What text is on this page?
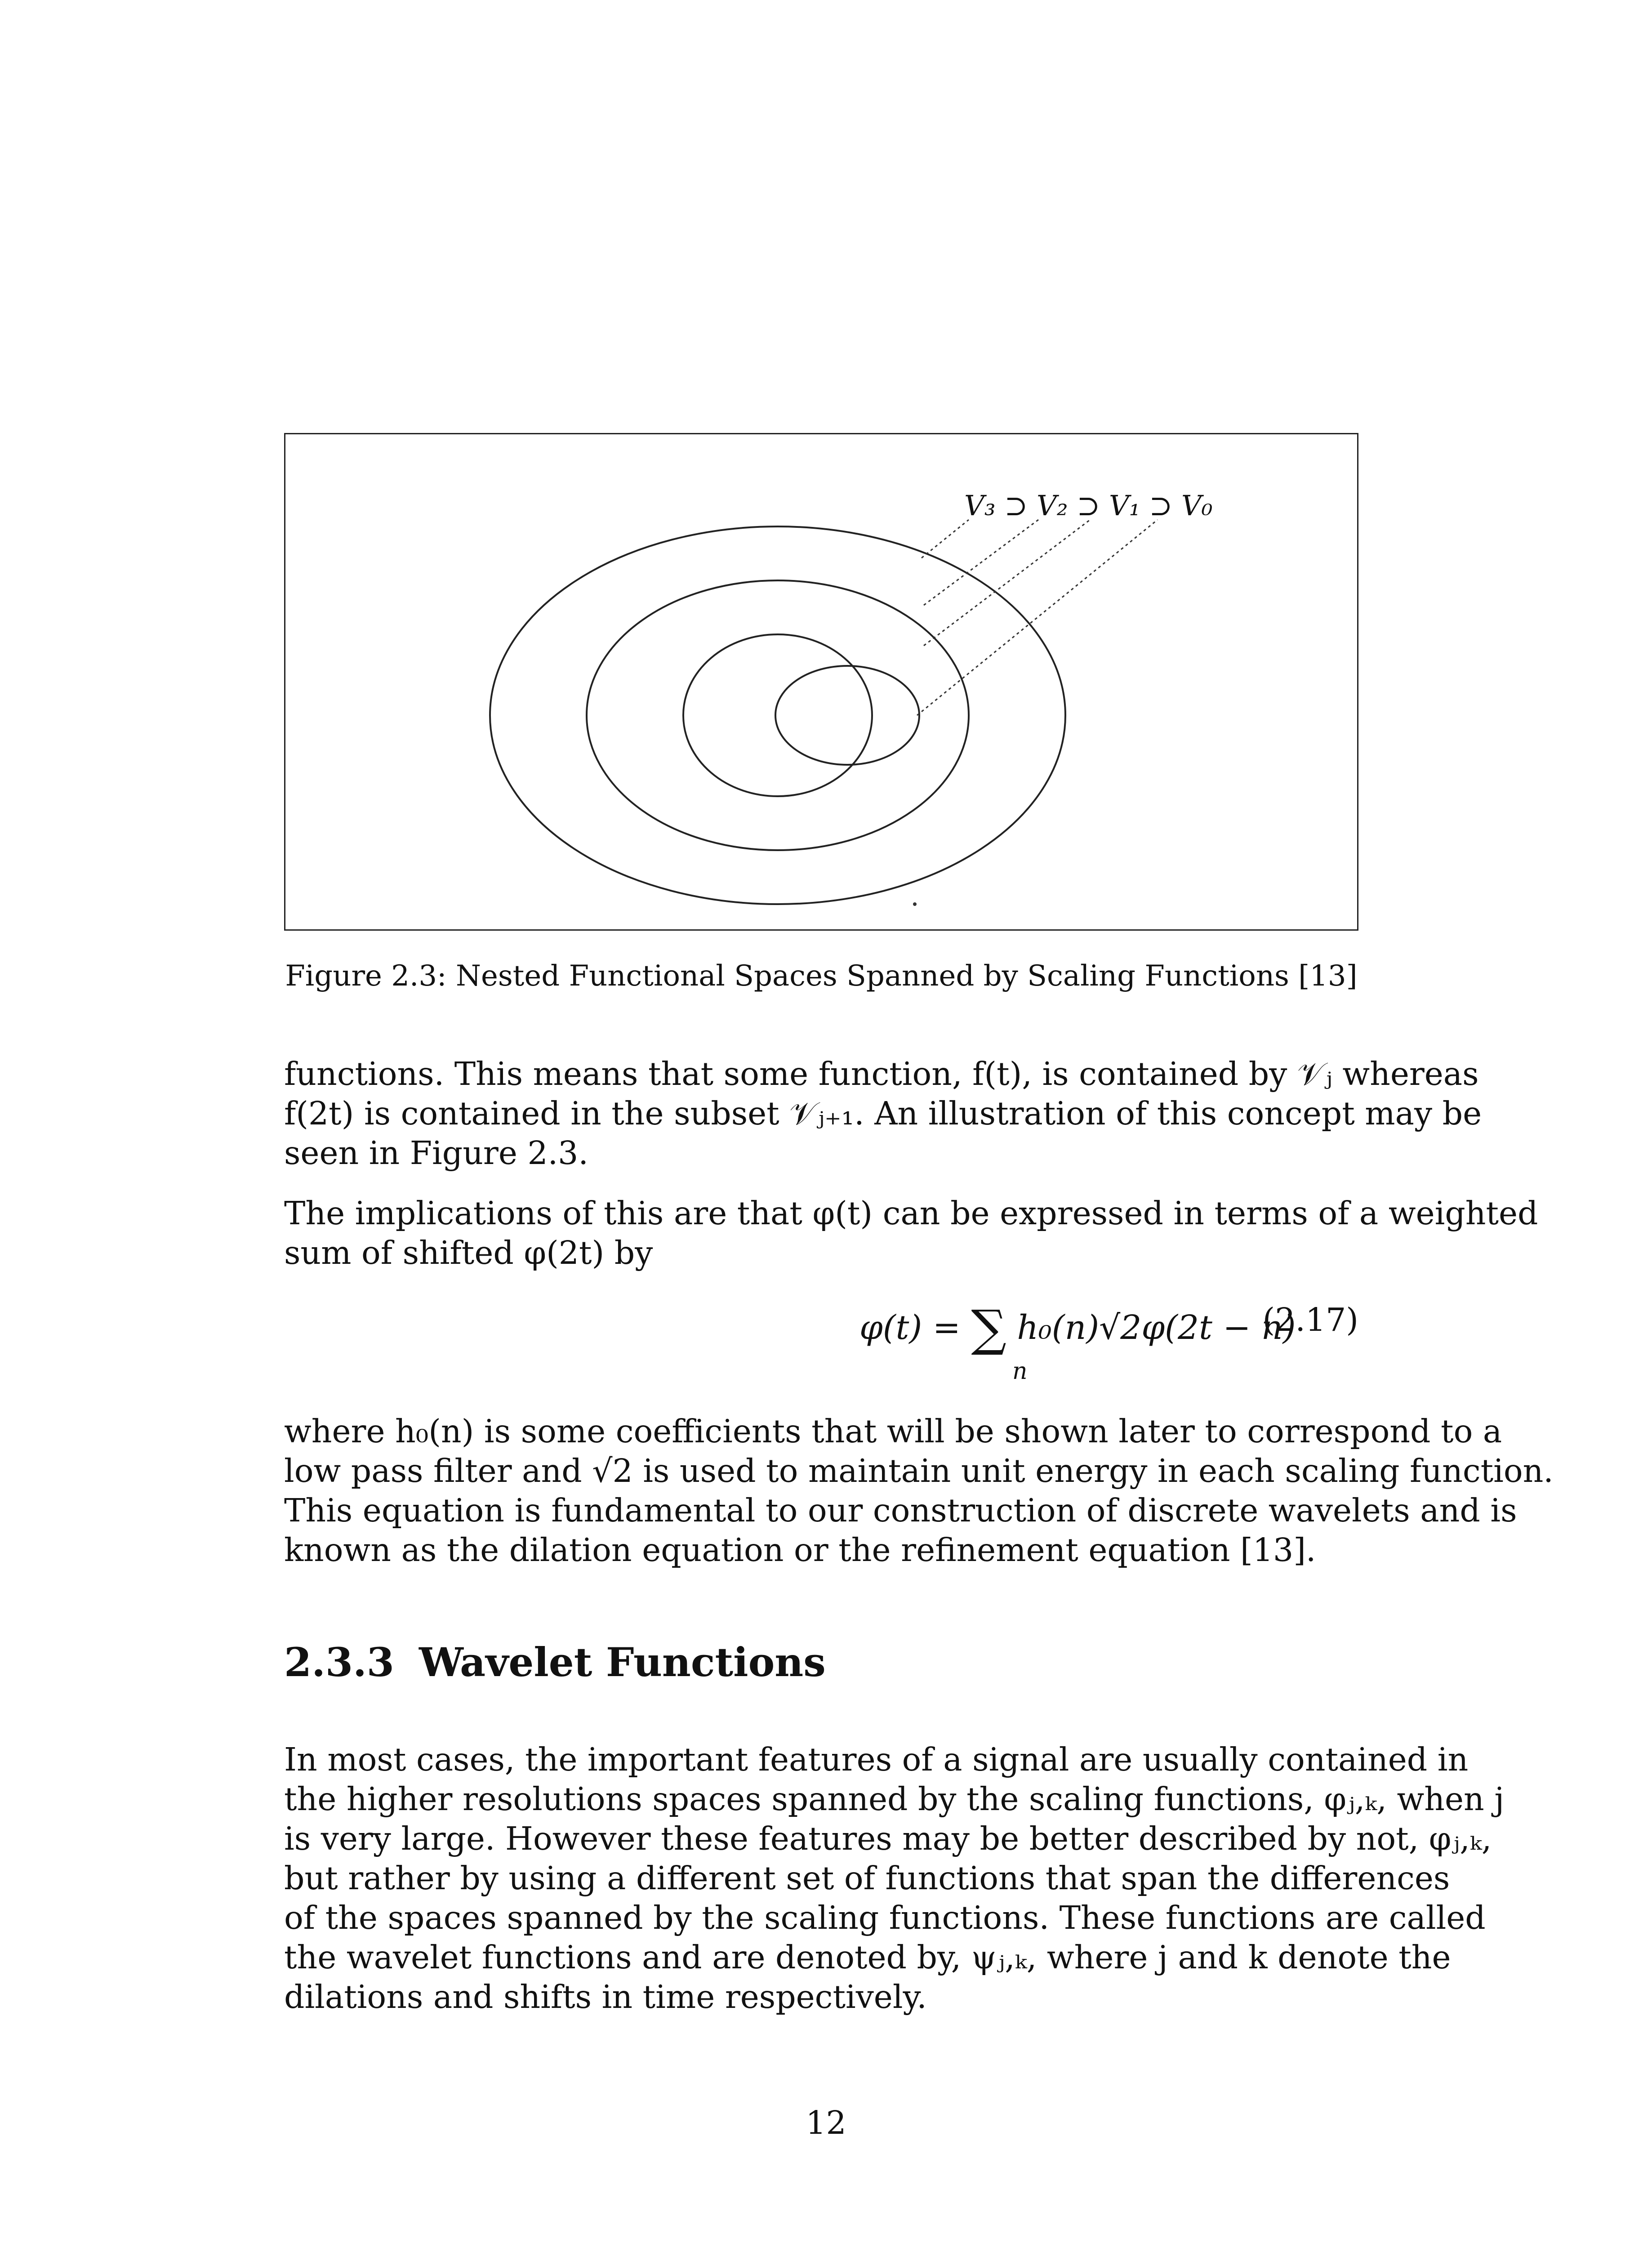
V₃ ⊃ V₂ ⊃ V₁ ⊃ V₀
Figure 2.3: Nested Functional Spaces Spanned by Scaling Functions [13]
functions. This means that some function, f(t), is contained by 𝒱ⱼ whereas
f(2t) is contained in the subset 𝒱ⱼ₊₁. An illustration of this concept may be
seen in Figure 2.3.
The implications of this are that φ(t) can be expressed in terms of a weighted
sum of shifted φ(2t) by
φ(t) = ∑ h₀(n)√2φ(2t − n)
n
(2.17)
where h₀(n) is some coefficients that will be shown later to correspond to a
low pass filter and √2 is used to maintain unit energy in each scaling function.
This equation is fundamental to our construction of discrete wavelets and is
known as the dilation equation or the refinement equation [13].
2.3.3 Wavelet Functions
In most cases, the important features of a signal are usually contained in
the higher resolutions spaces spanned by the scaling functions, φⱼ,ₖ, when j
is very large. However these features may be better described by not, φⱼ,ₖ,
but rather by using a different set of functions that span the differences
of the spaces spanned by the scaling functions. These functions are called
the wavelet functions and are denoted by, ψⱼ,ₖ, where j and k denote the
dilations and shifts in time respectively.
12
